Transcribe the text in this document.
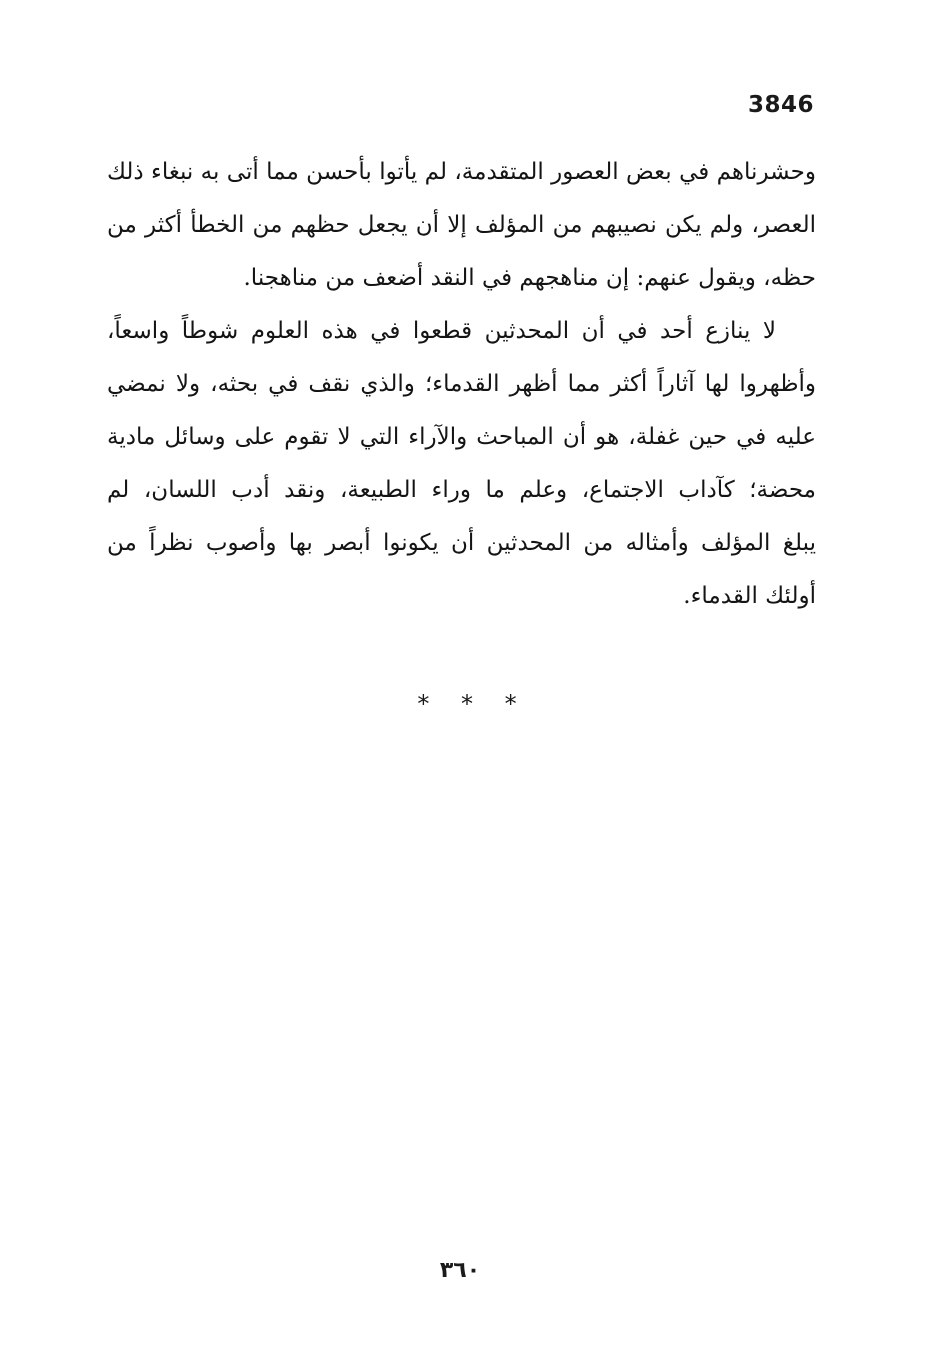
3846

وحشرناهم في بعض العصور المتقدمة، لم يأتوا بأحسن مما أتى به نبغاء ذلك
العصر، ولم يكن نصيبهم من المؤلف إلا أن يجعل حظهم من الخطأ أكثر من
حظه، ويقول عنهم: إن مناهجهم في النقد أضعف من مناهجنا.

لا ينازع أحد في أن المحدثين قطعوا في هذه العلوم شوطاً واسعاً،
وأظهروا لها آثاراً أكثر مما أظهر القدماء؛ والذي نقف في بحثه، ولا نمضي
عليه في حين غفلة، هو أن المباحث والآراء التي لا تقوم على وسائل مادية
محضة؛ كآداب الاجتماع، وعلم ما وراء الطبيعة، ونقد أدب اللسان، لم
يبلغ المؤلف وأمثاله من المحدثين أن يكونوا أبصر بها وأصوب نظراً من
أولئك القدماء.

* * *
٣٦٠
